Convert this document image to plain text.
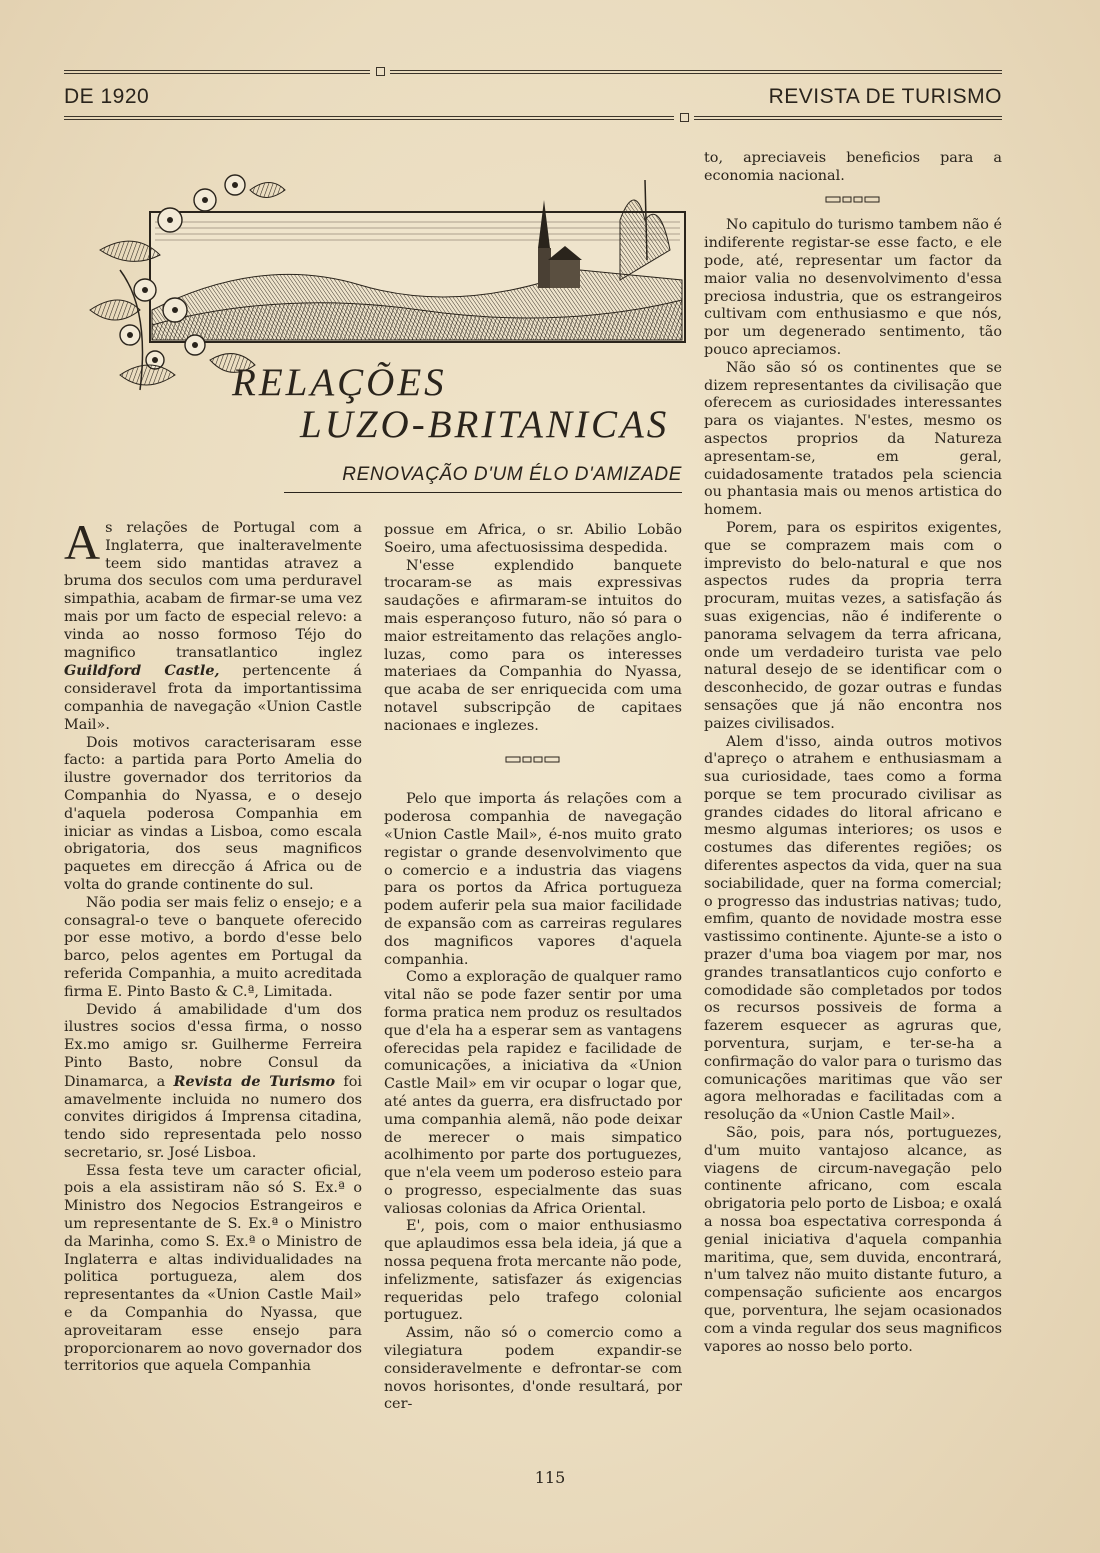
DE 1920	REVISTA DE TURISMO
RELAÇÕES
LUZO-BRITANICAS
RENOVAÇÃO D'UM ÉLO D'AMIZADE

As relações de Portugal com a Inglaterra, que inalteravelmente teem sido mantidas atravez a bruma dos seculos com uma perduravel simpathia, acabam de firmar-se uma vez mais por um facto de especial relevo: a vinda ao nosso formoso Téjo do magnifico transatlantico inglez Guildford Castle, pertencente á consideravel frota da importantissima companhia de navegação «Union Castle Mail».

Dois motivos caracterisaram esse facto: a partida para Porto Amelia do ilustre governador dos territorios da Companhia do Nyassa, e o desejo d'aquela poderosa Companhia em iniciar as vindas a Lisboa, como escala obrigatoria, dos seus magnificos paquetes em direcção á Africa ou de volta do grande continente do sul.

Não podia ser mais feliz o ensejo; e a consagral-o teve o banquete oferecido por esse motivo, a bordo d'esse belo barco, pelos agentes em Portugal da referida Companhia, a muito acreditada firma E. Pinto Basto & C.ª, Limitada.

Devido á amabilidade d'um dos ilustres socios d'essa firma, o nosso Ex.mo amigo sr. Guilherme Ferreira Pinto Basto, nobre Consul da Dinamarca, a Revista de Turismo foi amavelmente incluida no numero dos convites dirigidos á Imprensa citadina, tendo sido representada pelo nosso secretario, sr. José Lisboa.

Essa festa teve um caracter oficial, pois a ela assistiram não só S. Ex.ª o Ministro dos Negocios Estrangeiros e um representante de S. Ex.ª o Ministro da Marinha, como S. Ex.ª o Ministro de Inglaterra e altas individualidades na politica portugueza, alem dos representantes da «Union Castle Mail» e da Companhia do Nyassa, que aproveitaram esse ensejo para proporcionarem ao novo governador dos territorios que aquela Companhia

possue em Africa, o sr. Abilio Lobão Soeiro, uma afectuosissima despedida.

N'esse explendido banquete trocaram-se as mais expressivas saudações e afirmaram-se intuitos do mais esperançoso futuro, não só para o maior estreitamento das relações anglo-luzas, como para os interesses materiaes da Companhia do Nyassa, que acaba de ser enriquecida com uma notavel subscripção de capitaes nacionaes e inglezes.

Pelo que importa ás relações com a poderosa companhia de navegação «Union Castle Mail», é-nos muito grato registar o grande desenvolvimento que o comercio e a industria das viagens para os portos da Africa portugueza podem auferir pela sua maior facilidade de expansão com as carreiras regulares dos magnificos vapores d'aquela companhia.

Como a exploração de qualquer ramo vital não se pode fazer sentir por uma forma pratica nem produz os resultados que d'ela ha a esperar sem as vantagens oferecidas pela rapidez e facilidade de comunicações, a iniciativa da «Union Castle Mail» em vir ocupar o logar que, até antes da guerra, era disfructado por uma companhia alemã, não pode deixar de merecer o mais simpatico acolhimento por parte dos portuguezes, que n'ela veem um poderoso esteio para o progresso, especialmente das suas valiosas colonias da Africa Oriental.

E', pois, com o maior enthusiasmo que aplaudimos essa bela ideia, já que a nossa pequena frota mercante não pode, infelizmente, satisfazer ás exigencias requeridas pelo trafego colonial portuguez.

Assim, não só o comercio como a vilegiatura podem expandir-se consideravelmente e defrontar-se com novos horisontes, d'onde resultará, por cer-

to, apreciaveis beneficios para a economia nacional.

No capitulo do turismo tambem não é indiferente registar-se esse facto, e ele pode, até, representar um factor da maior valia no desenvolvimento d'essa preciosa industria, que os estrangeiros cultivam com enthusiasmo e que nós, por um degenerado sentimento, tão pouco apreciamos.

Não são só os continentes que se dizem representantes da civilisação que oferecem as curiosidades interessantes para os viajantes. N'estes, mesmo os aspectos proprios da Natureza apresentam-se, em geral, cuidadosamente tratados pela sciencia ou phantasia mais ou menos artistica do homem.

Porem, para os espiritos exigentes, que se comprazem mais com o imprevisto do belo-natural e que nos aspectos rudes da propria terra procuram, muitas vezes, a satisfação ás suas exigencias, não é indiferente o panorama selvagem da terra africana, onde um verdadeiro turista vae pelo natural desejo de se identificar com o desconhecido, de gozar outras e fundas sensações que já não encontra nos paizes civilisados.

Alem d'isso, ainda outros motivos d'apreço o atrahem e enthusiasmam a sua curiosidade, taes como a forma porque se tem procurado civilisar as grandes cidades do litoral africano e mesmo algumas interiores; os usos e costumes das diferentes regiões; os diferentes aspectos da vida, quer na sua sociabilidade, quer na forma comercial; o progresso das industrias nativas; tudo, emfim, quanto de novidade mostra esse vastissimo continente. Ajunte-se a isto o prazer d'uma boa viagem por mar, nos grandes transatlanticos cujo conforto e comodidade são completados por todos os recursos possiveis de forma a fazerem esquecer as agruras que, porventura, surjam, e ter-se-ha a confirmação do valor para o turismo das comunicações maritimas que vão ser agora melhoradas e facilitadas com a resolução da «Union Castle Mail».

São, pois, para nós, portuguezes, d'um muito vantajoso alcance, as viagens de circum-navegação pelo continente africano, com escala obrigatoria pelo porto de Lisboa; e oxalá a nossa boa espectativa corresponda á genial iniciativa d'aquela companhia maritima, que, sem duvida, encontrará, n'um talvez não muito distante futuro, a compensação suficiente aos encargos que, porventura, lhe sejam ocasionados com a vinda regular dos seus magnificos vapores ao nosso belo porto.

115
